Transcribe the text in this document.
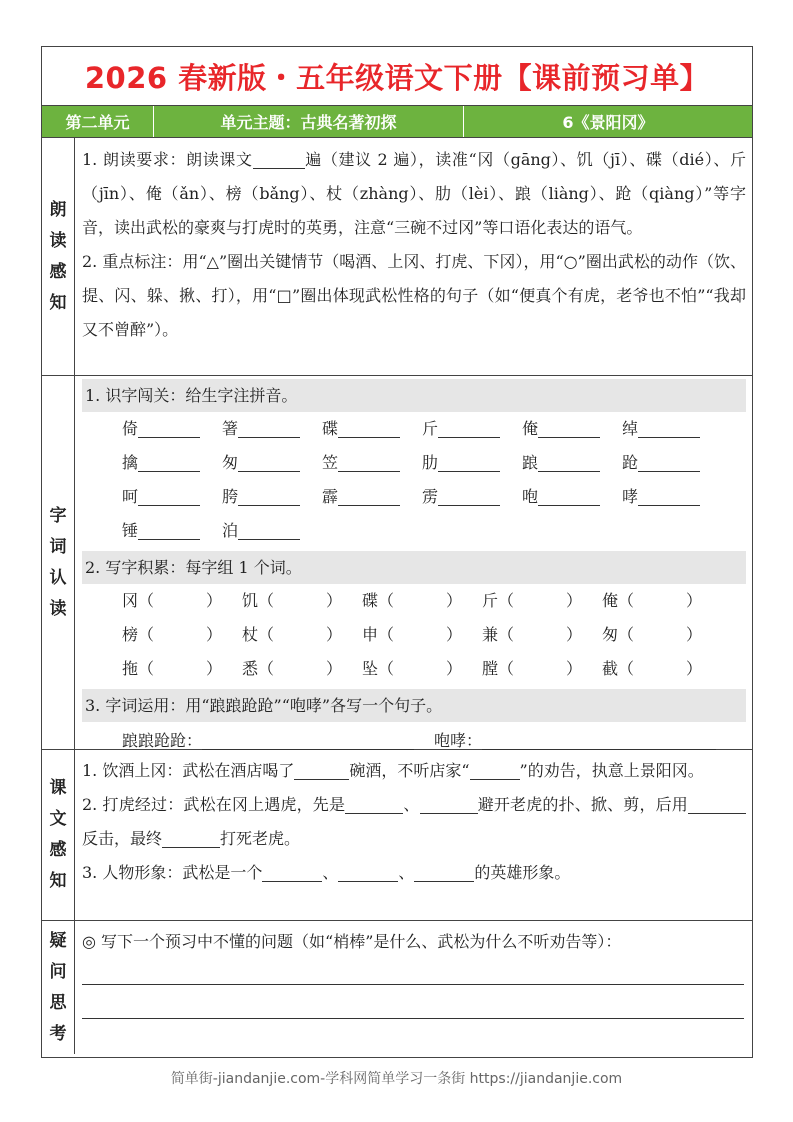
2026 春新版・五年级语文下册【课前预习单】
第二单元	单元主题：古典名著初探	6《景阳冈》
朗
读
感
知
1. 朗读要求：朗读课文	遍（建议 2 遍），读准“冈（gāng）、饥（jī）、碟（dié）、斤（jīn）、俺（ǎn）、榜（bǎng）、杖（zhàng）、肋（lèi）、踉（liàng）、跄（qiàng）”等字音，读出武松的豪爽与打虎时的英勇，注意“三碗不过冈”等口语化表达的语气。
2. 重点标注：用“△”圈出关键情节（喝酒、上冈、打虎、下冈），用“○”圈出武松的动作（饮、提、闪、躲、揪、打），用“□”圈出体现武松性格的句子（如“便真个有虎，老爷也不怕”“我却又不曾醉”）。
字
词
认
读
1. 识字闯关：给生字注拼音。
倚	箸	碟	斤	俺	绰
擒	匆	笠	肋	踉	跄
呵	胯	霹	雳	咆	哮
锤	泊
2. 写字积累：每字组 1 个词。
冈（	）	饥（	）	碟（	）	斤（	）	俺（	）
榜（	）	杖（	）	申（	）	兼（	）	匆（	）
拖（	）	悉（	）	坠（	）	膛（	）	截（	）
3. 字词运用：用“踉踉跄跄”“咆哮”各写一个句子。
踉踉跄跄：	咆哮：
课
文
感
知
1. 饮酒上冈：武松在酒店喝了	碗酒，不听店家“	”的劝告，执意上景阳冈。
2. 打虎经过：武松在冈上遇虎，先是	、	避开老虎的扑、掀、剪，后用反击，最终	打死老虎。
3. 人物形象：武松是一个	、	、	的英雄形象。
疑
问
思
考
◎ 写下一个预习中不懂的问题（如“梢棒”是什么、武松为什么不听劝告等）：
简单街-jiandanjie.com-学科网简单学习一条街 https://jiandanjie.com
